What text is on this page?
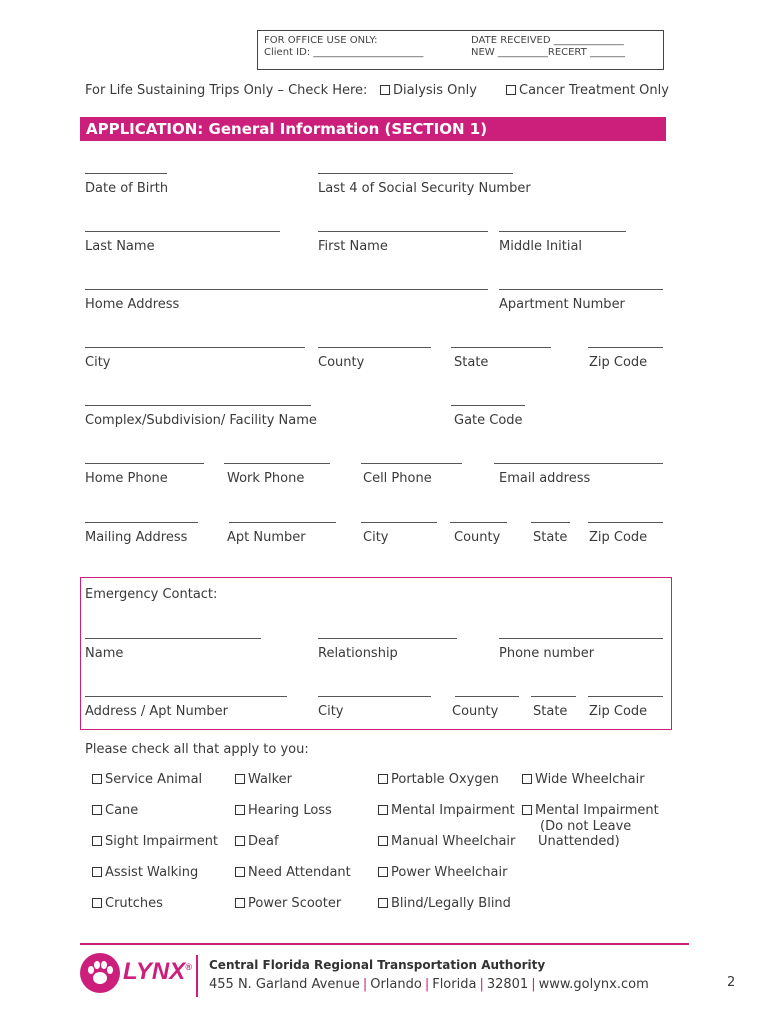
FOR OFFICE USE ONLY:
Client ID: ______________________
DATE RECEIVED ______________
NEW __________RECERT _______
For Life Sustaining Trips Only – Check Here:	Dialysis Only	Cancer Treatment Only
APPLICATION: General Information (SECTION 1)
Date of Birth	Last 4 of Social Security Number
Last Name	First Name	Middle Initial
Home Address	Apartment Number
City	County	State	Zip Code
Complex/Subdivision/ Facility Name	Gate Code
Home Phone	Work Phone	Cell Phone	Email address
Mailing Address	Apt Number	City	County	State Zip Code
Emergency Contact:
Name	Relationship	Phone number
Address / Apt Number	City	County	State Zip Code
Please check all that apply to you:
Service Animal	Walker	Portable Oxygen	Wide Wheelchair
Cane	Hearing Loss	Mental Impairment	Mental Impairment
(Do not Leave
Unattended)
Sight Impairment	Deaf	Manual Wheelchair
Assist Walking	Need Attendant	Power Wheelchair
Crutches	Power Scooter	Blind/Legally Blind
LYNX® Central Florida Regional Transportation Authority
455 N. Garland Avenue | Orlando | Florida | 32801 | www.golynx.com	2
